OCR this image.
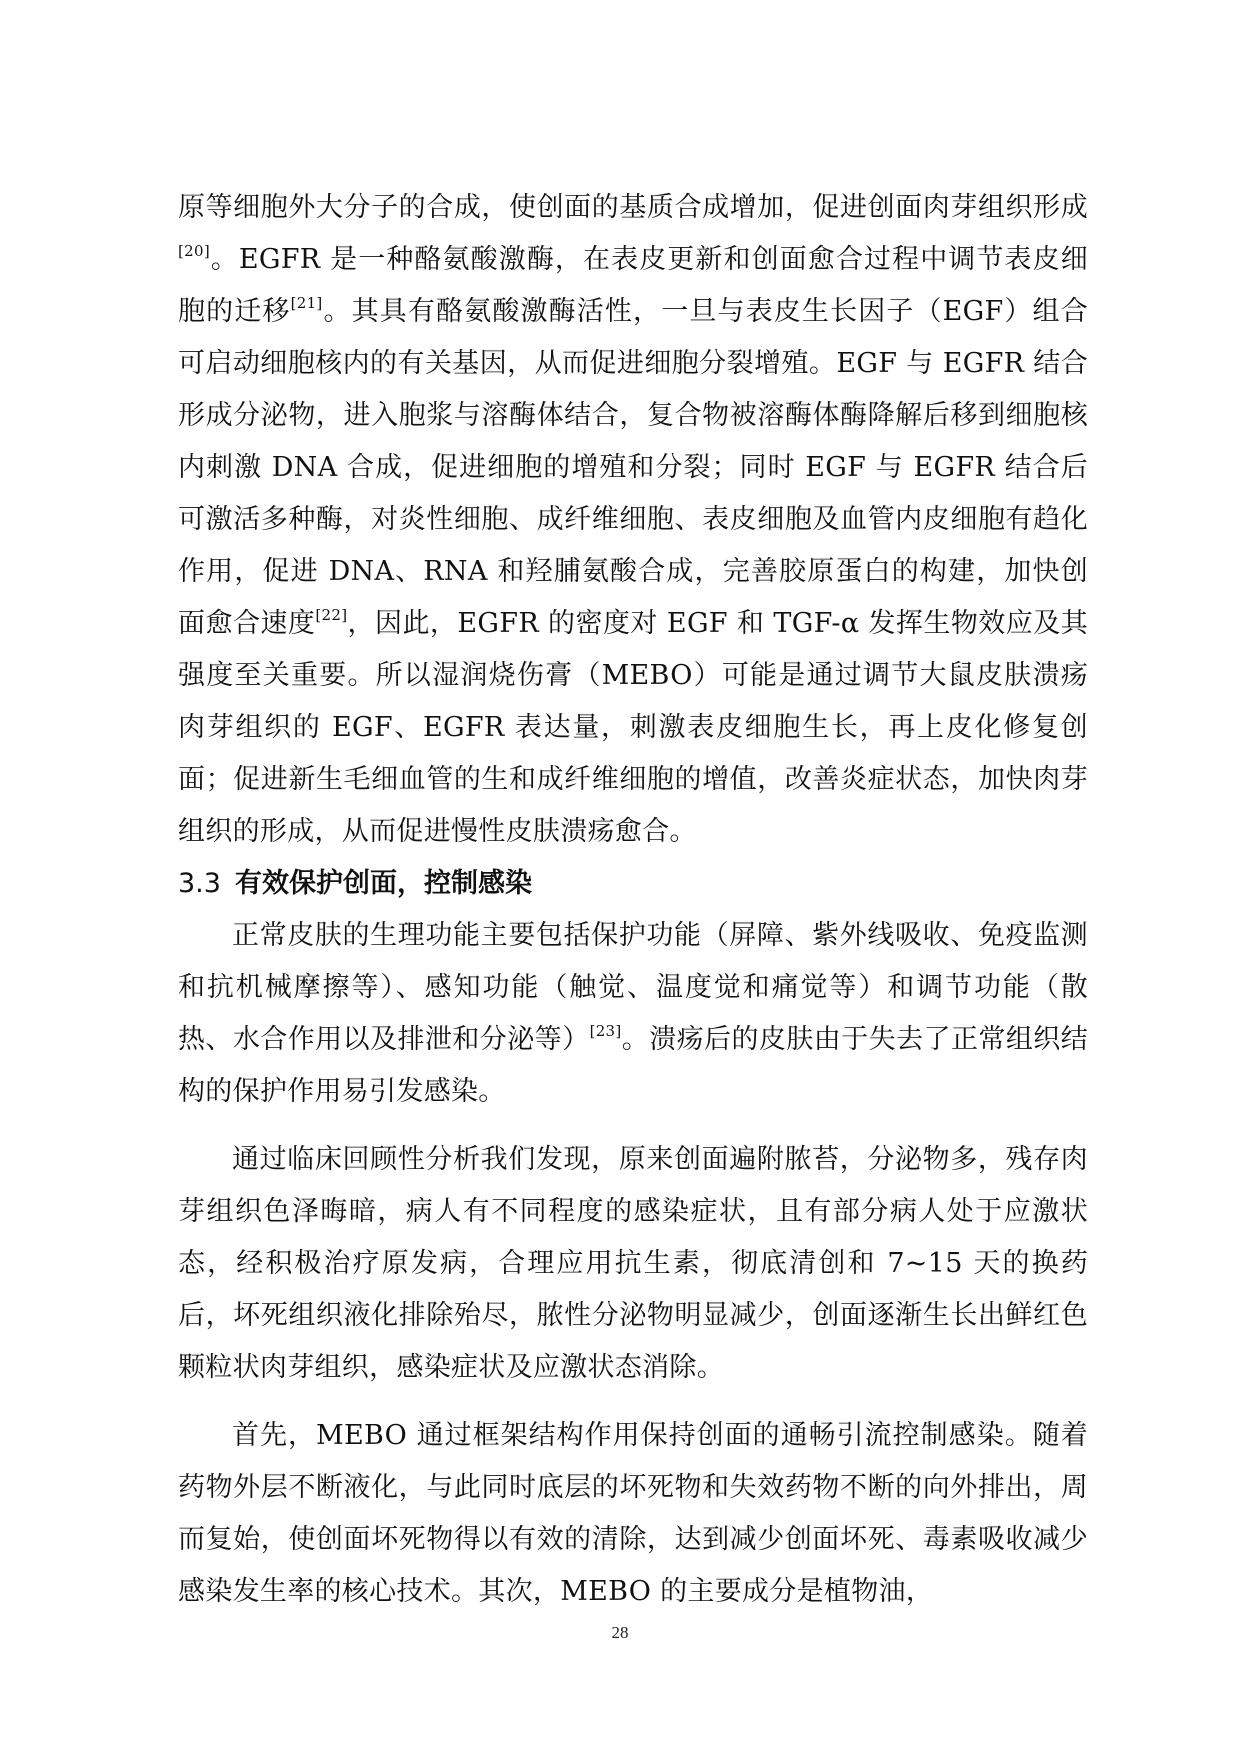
原等细胞外大分子的合成，使创面的基质合成增加，促进创面肉芽组织形成 [20]。EGFR 是一种酪氨酸激酶，在表皮更新和创面愈合过程中调节表皮细胞的迁移[21]。其具有酪氨酸激酶活性，一旦与表皮生长因子（EGF）组合可启动细胞核内的有关基因，从而促进细胞分裂增殖。EGF 与 EGFR 结合形成分泌物，进入胞浆与溶酶体结合，复合物被溶酶体酶降解后移到细胞核内刺激 DNA 合成，促进细胞的增殖和分裂；同时 EGF 与 EGFR 结合后可激活多种酶，对炎性细胞、成纤维细胞、表皮细胞及血管内皮细胞有趋化作用，促进 DNA、RNA 和羟脯氨酸合成，完善胶原蛋白的构建，加快创面愈合速度[22]，因此，EGFR 的密度对 EGF 和 TGF-α 发挥生物效应及其强度至关重要。所以湿润烧伤膏（MEBO）可能是通过调节大鼠皮肤溃疡肉芽组织的 EGF、EGFR 表达量，刺激表皮细胞生长，再上皮化修复创面；促进新生毛细血管的生和成纤维细胞的增值，改善炎症状态，加快肉芽组织的形成，从而促进慢性皮肤溃疡愈合。

3.3 有效保护创面，控制感染

正常皮肤的生理功能主要包括保护功能（屏障、紫外线吸收、免疫监测和抗机械摩擦等）、感知功能（触觉、温度觉和痛觉等）和调节功能（散热、水合作用以及排泄和分泌等）[23]。溃疡后的皮肤由于失去了正常组织结构的保护作用易引发感染。

通过临床回顾性分析我们发现，原来创面遍附脓苔，分泌物多，残存肉芽组织色泽晦暗，病人有不同程度的感染症状，且有部分病人处于应激状态，经积极治疗原发病，合理应用抗生素，彻底清创和 7~15 天的换药后，坏死组织液化排除殆尽，脓性分泌物明显减少，创面逐渐生长出鲜红色颗粒状肉芽组织，感染症状及应激状态消除。

首先，MEBO 通过框架结构作用保持创面的通畅引流控制感染。随着药物外层不断液化，与此同时底层的坏死物和失效药物不断的向外排出，周而复始，使创面坏死物得以有效的清除，达到减少创面坏死、毒素吸收减少感染发生率的核心技术。其次，MEBO 的主要成分是植物油，

28
